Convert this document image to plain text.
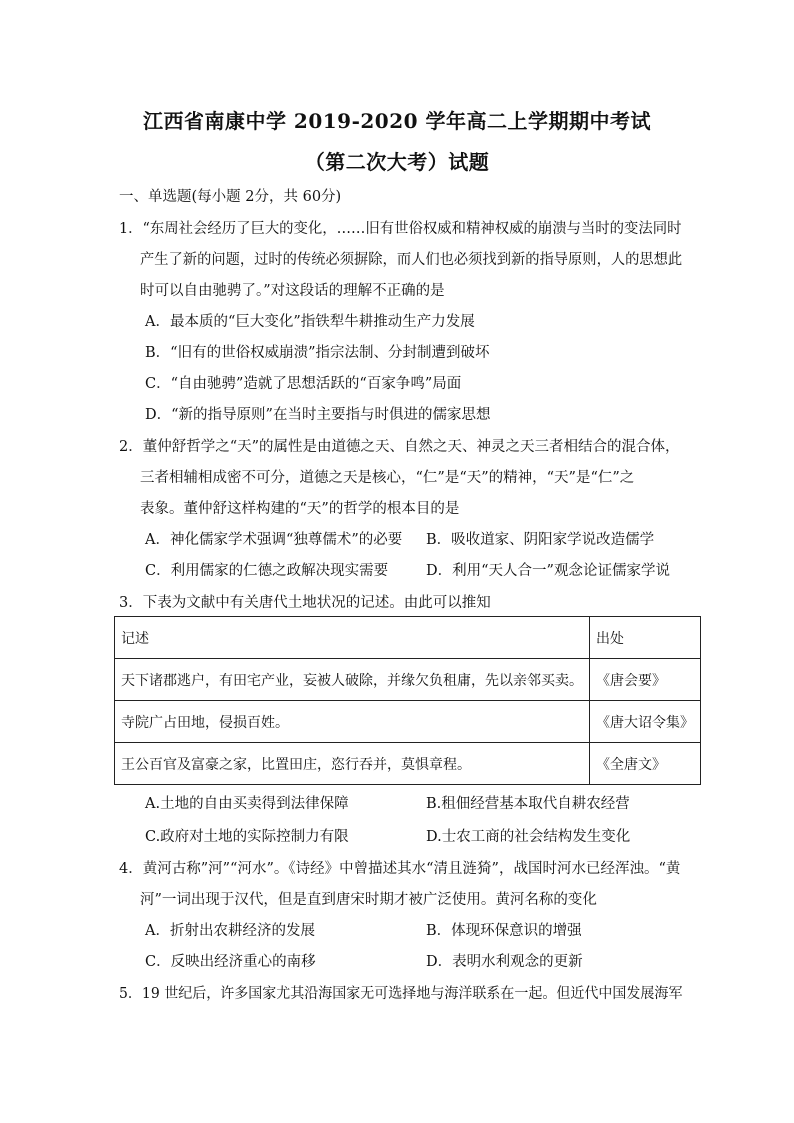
江西省南康中学 2019-2020 学年高二上学期期中考试
（第二次大考）试题
一、单选题(每小题 2分，共 60分)
1．“东周社会经历了巨大的变化，……旧有世俗权威和精神权威的崩溃与当时的变法同时
产生了新的问题，过时的传统必须摒除，而人们也必须找到新的指导原则，人的思想此
时可以自由驰骋了。”对这段话的理解不正确的是
A．最本质的“巨大变化”指铁犁牛耕推动生产力发展
B．“旧有的世俗权威崩溃”指宗法制、分封制遭到破坏
C．“自由驰骋”造就了思想活跃的“百家争鸣”局面
D．“新的指导原则”在当时主要指与时俱进的儒家思想
2．董仲舒哲学之“天”的属性是由道德之天、自然之天、神灵之天三者相结合的混合体，
三者相辅相成密不可分，道德之天是核心，“仁”是“天”的精神，“天”是“仁”之
表象。董仲舒这样构建的“天”的哲学的根本目的是
A．神化儒家学术强调“独尊儒术”的必要 B．吸收道家、阴阳家学说改造儒学
C．利用儒家的仁德之政解决现实需要	D．利用“天人合一”观念论证儒家学说
3．下表为文献中有关唐代土地状况的记述。由此可以推知
记述	出处
天下诸郡逃户，有田宅产业，妄被人破除，并缘欠负租庸，先以亲邻买卖。	《唐会要》
寺院广占田地，侵损百姓。	《唐大诏令集》
王公百官及富豪之家，比置田庄，恣行吞并，莫惧章程。	《全唐文》
A.土地的自由买卖得到法律保障	B.租佃经营基本取代自耕农经营
C.政府对土地的实际控制力有限	D.士农工商的社会结构发生变化
4．黄河古称”河”“河水”。《诗经》中曾描述其水“清且涟猗”，战国时河水已经浑浊。“黄
河”一词出现于汉代，但是直到唐宋时期才被广泛使用。黄河名称的变化
A．折射出农耕经济的发展	B．体现环保意识的增强
C．反映出经济重心的南移	D．表明水利观念的更新
5．19 世纪后，许多国家尤其沿海国家无可选择地与海洋联系在一起。但近代中国发展海军
